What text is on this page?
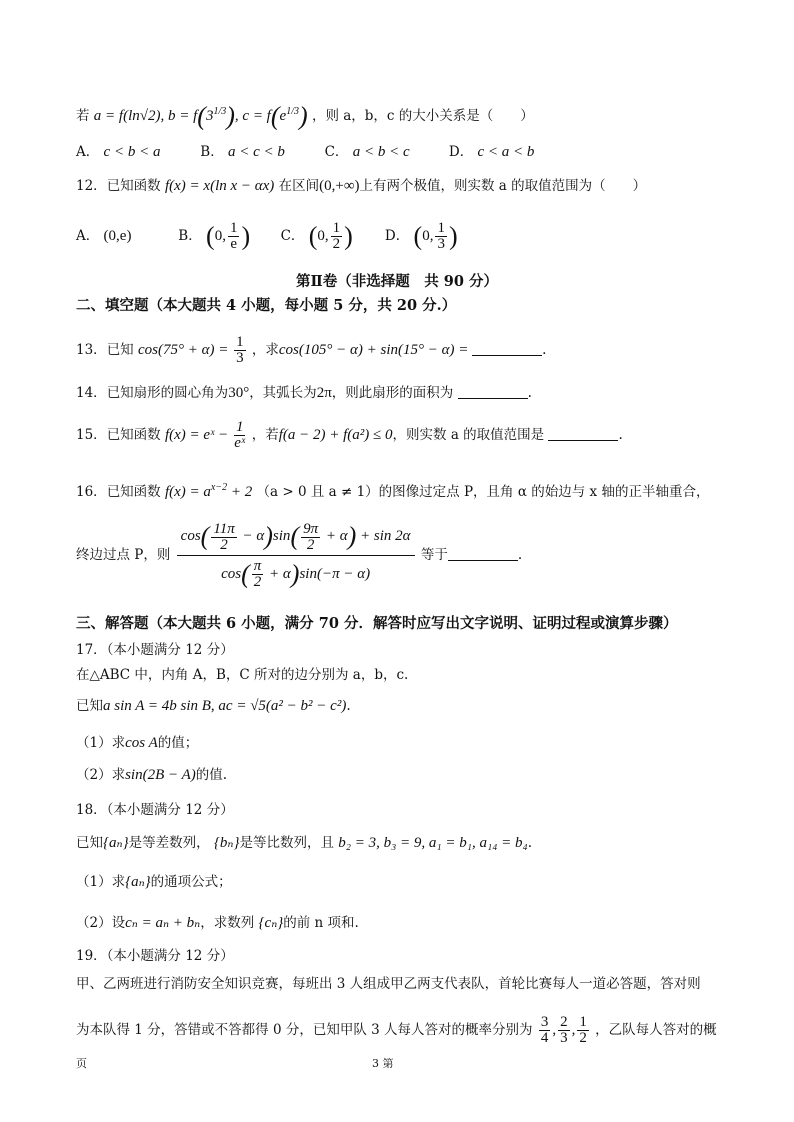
若 a = f(ln√2), $b = f(3^{1/3})$, $c = f(e^{1/3})$ ，则 a，b，c 的大小关系是（　　）
A． c < b < a	B． a < c < b	C． a < b < c	D． c < a < b
12．已知函数 f(x) = x(ln x − αx) 在区间(0,+∞)上有两个极值，则实数 a 的取值范围为（　　）
A． (0,e)	B． (0, $\frac{1}{e}$ ) C． (0, $\frac{1}{2}$ ) D． (0, $\frac{1}{3}$ )
第Ⅱ卷（非选择题　共 90 分）
二、填空题（本大题共 4 小题，每小题 5 分，共 20 分.）
13．已知 $\cos(75^\circ + \alpha) = \frac{1}{3}$ ，求cos(105° − α) + sin(15° − α) =	.
14．已知扇形的圆心角为30°，其弧长为2π，则此扇形的面积为	.
15．已知函数 f(x) = eˣ − $\frac{1}{\text{eˣ}}$ ，若f(a − 2) + f(a²) ≤ 0，则实数 a 的取值范围是	.
16．已知函数 $f(x) = a^{x-2} + 2$ （a > 0 且 a ≠ 1）的图像过定点 P，且角 α 的始边与 x 轴的正半轴重合，
终边过点 P，则 $\frac{\cos( \frac{11\pi}{2} - \alpha)\sin( \frac{9\pi}{2} + \alpha) + \sin 2\alpha}{\cos( \frac{\pi}{2} + \alpha)\sin(-\pi - \alpha)}$ 等于	.
三、解答题（本大题共 6 小题，满分 70 分．解答时应写出文字说明、证明过程或演算步骤）
17．（本小题满分 12 分）
在△ABC 中，内角 A，B，C 所对的边分别为 a，b，c.
已知a sin A = 4b sin B, ac = √5(a² − b² − c²).
（1）求cos A的值；
（2）求sin(2B − A)的值.
18．（本小题满分 12 分）
已知{aₙ}是等差数列， {bₙ}是等比数列，且 b₂ = 3, b₃ = 9, a₁ = b₁, a₁₄ = b₄.
（1）求{aₙ}的通项公式；
（2）设cₙ = aₙ + bₙ，求数列 {cₙ}的前 n 项和.
19．（本小题满分 12 分）
甲、乙两班进行消防安全知识竞赛，每班出 3 人组成甲乙两支代表队，首轮比赛每人一道必答题，答对则
为本队得 1 分，答错或不答都得 0 分，已知甲队 3 人每人答对的概率分别为 $\frac{3}{4}$ , $\frac{2}{3}$ , $\frac{1}{2}$ ，乙队每人答对的概
页	3 第
